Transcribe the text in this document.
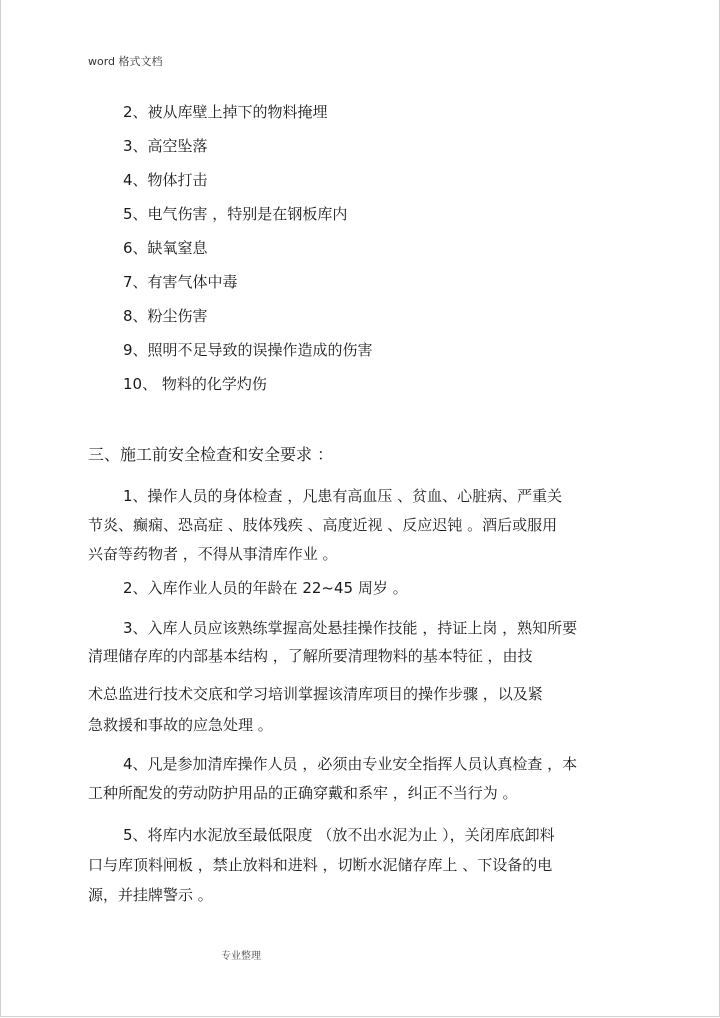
word 格式文档
2、被从库壁上掉下的物料掩埋
3、高空坠落
4、物体打击
5、电气伤害 ，特别是在钢板库内
6、缺氧窒息
7、有害气体中毒
8、粉尘伤害
9、照明不足导致的误操作造成的伤害
10、 物料的化学灼伤
三、施工前安全检查和安全要求 ：
1、操作人员的身体检查 ，凡患有高血压 、贫血、心脏病、严重关
节炎、癫痫、恐高症 、肢体残疾 、高度近视 、反应迟钝 。酒后或服用
兴奋等药物者 ，不得从事清库作业 。
2、入库作业人员的年龄在 22~45 周岁 。
3、入库人员应该熟练掌握高处悬挂操作技能 ，持证上岗 ，熟知所要
清理储存库的内部基本结构 ，了解所要清理物料的基本特征 ，由技
术总监进行技术交底和学习培训掌握该清库项目的操作步骤 ，以及紧
急救援和事故的应急处理 。
4、凡是参加清库操作人员 ，必须由专业安全指挥人员认真检查 ，本
工种所配发的劳动防护用品的正确穿戴和系牢 ，纠正不当行为 。
5、将库内水泥放至最低限度 （放不出水泥为止 ），关闭库底卸料
口与库顶料闸板 ，禁止放料和进料 ，切断水泥储存库上 、下设备的电
源，并挂牌警示 。
专业整理
